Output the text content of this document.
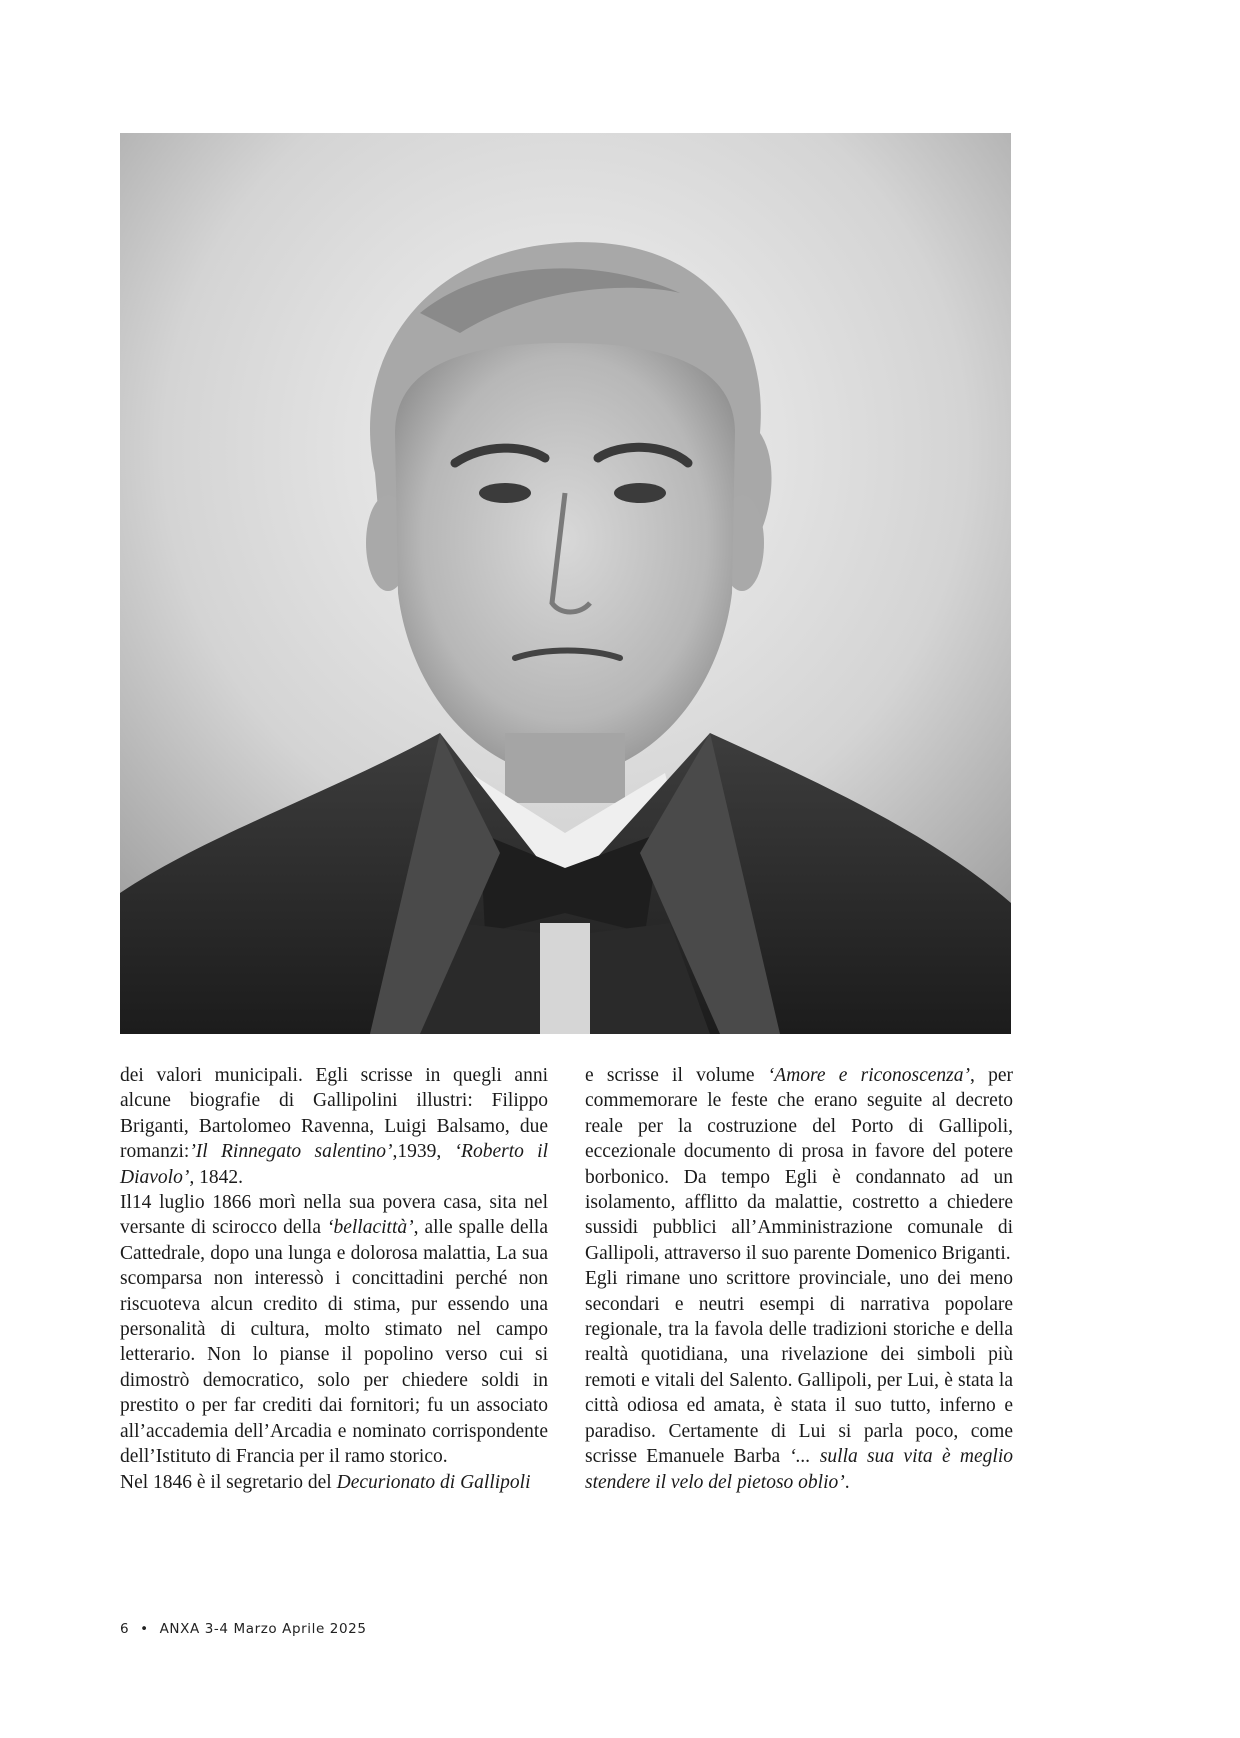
dei valori municipali. Egli scrisse in quegli anni alcune biografie di Gallipolini illustri: Filippo Briganti, Bartolomeo Ravenna, Luigi Balsamo, due romanzi:’Il Rinnegato salentino’,1939, ‘Roberto il Diavolo’, 1842.

Il14 luglio 1866 morì nella sua povera casa, sita nel versante di scirocco della ‘bellacittà’, alle spalle della Cattedrale, dopo una lunga e dolorosa malattia, La sua scomparsa non interessò i concittadini perché non riscuoteva alcun credito di stima, pur essendo una personalità di cultura, molto stimato nel campo letterario. Non lo pianse il popolino verso cui si dimostrò democratico, solo per chiedere soldi in prestito o per far crediti dai fornitori; fu un associato all’accademia dell’Arcadia e nominato corrispondente dell’Istituto di Francia per il ramo storico.

Nel 1846 è il segretario del Decurionato di Gallipoli

e scrisse il volume ‘Amore e riconoscenza’, per commemorare le feste che erano seguite al decreto reale per la costruzione del Porto di Gallipoli, eccezionale documento di prosa in favore del potere borbonico. Da tempo Egli è condannato ad un isolamento, afflitto da malattie, costretto a chiedere sussidi pubblici all’Amministrazione comunale di Gallipoli, attraverso il suo parente Domenico Briganti.

Egli rimane uno scrittore provinciale, uno dei meno secondari e neutri esempi di narrativa popolare regionale, tra la favola delle tradizioni storiche e della realtà quotidiana, una rivelazione dei simboli più remoti e vitali del Salento. Gallipoli, per Lui, è stata la città odiosa ed amata, è stata il suo tutto, inferno e paradiso. Certamente di Lui si parla poco, come scrisse Emanuele Barba ‘... sulla sua vita è meglio stendere il velo del pietoso oblio’.

6 • ANXA 3-4 Marzo Aprile 2025
